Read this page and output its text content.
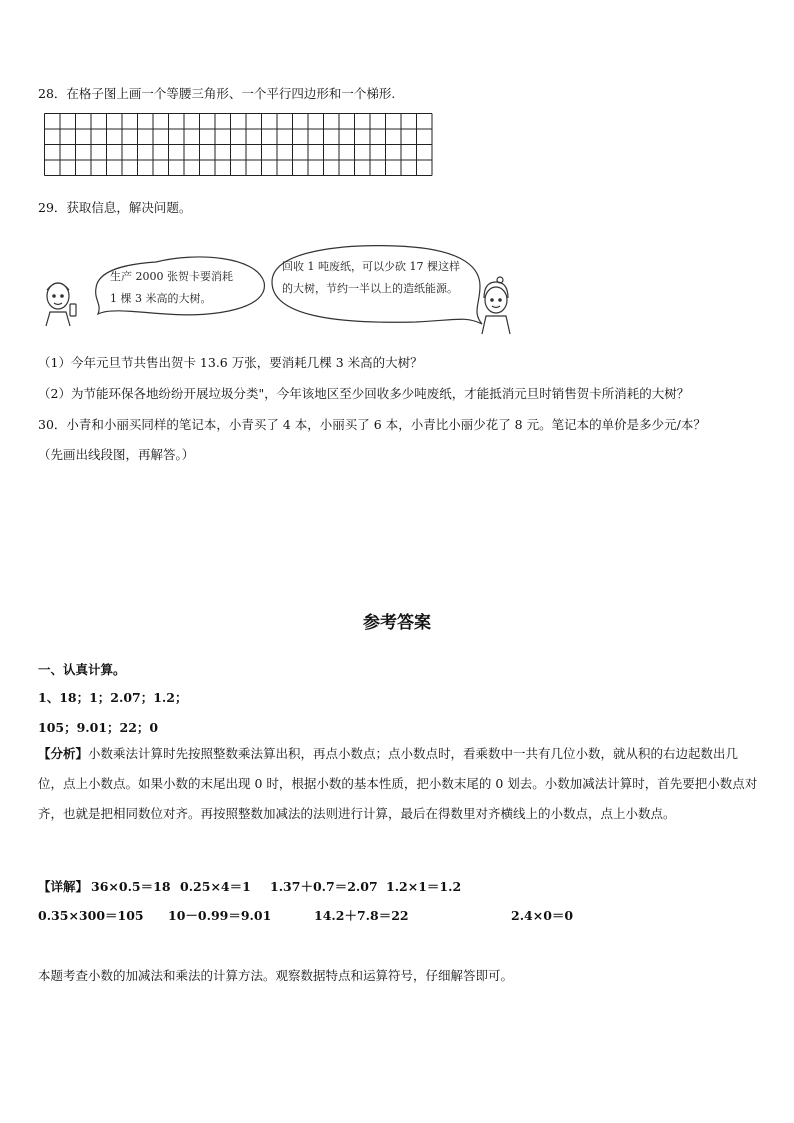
28．在格子图上画一个等腰三角形、一个平行四边形和一个梯形.
29．获取信息，解决问题。
生产 2000 张贺卡要消耗
1 棵 3 米高的大树。
回收 1 吨废纸，可以少砍 17 棵这样
的大树，节约一半以上的造纸能源。
（1）今年元旦节共售出贺卡 13.6 万张，要消耗几棵 3 米高的大树？
（2）为节能环保各地纷纷开展垃圾分类"，今年该地区至少回收多少吨废纸，才能抵消元旦时销售贺卡所消耗的大树？
30．小青和小丽买同样的笔记本，小青买了 4 本，小丽买了 6 本，小青比小丽少花了 8 元。笔记本的单价是多少元/本？
（先画出线段图，再解答。）
参考答案
一、认真计算。
1、18；1；2.07；1.2；
105；9.01；22；0
【分析】小数乘法计算时先按照整数乘法算出积，再点小数点；点小数点时，看乘数中一共有几位小数，就从积的右边起数出几位，点上小数点。如果小数的末尾出现 0 时，根据小数的基本性质，把小数末尾的 0 划去。小数加减法计算时，首先要把小数点对齐，也就是把相同数位对齐。再按照整数加减法的法则进行计算，最后在得数里对齐横线上的小数点，点上小数点。
【详解】 36×0.5＝18 0.25×4＝1 1.37＋0.7＝2.07 1.2×1＝1.2
0.35×300＝105 10－0.99＝9.01	14.2＋7.8＝22	2.4×0＝0
本题考查小数的加减法和乘法的计算方法。观察数据特点和运算符号，仔细解答即可。
